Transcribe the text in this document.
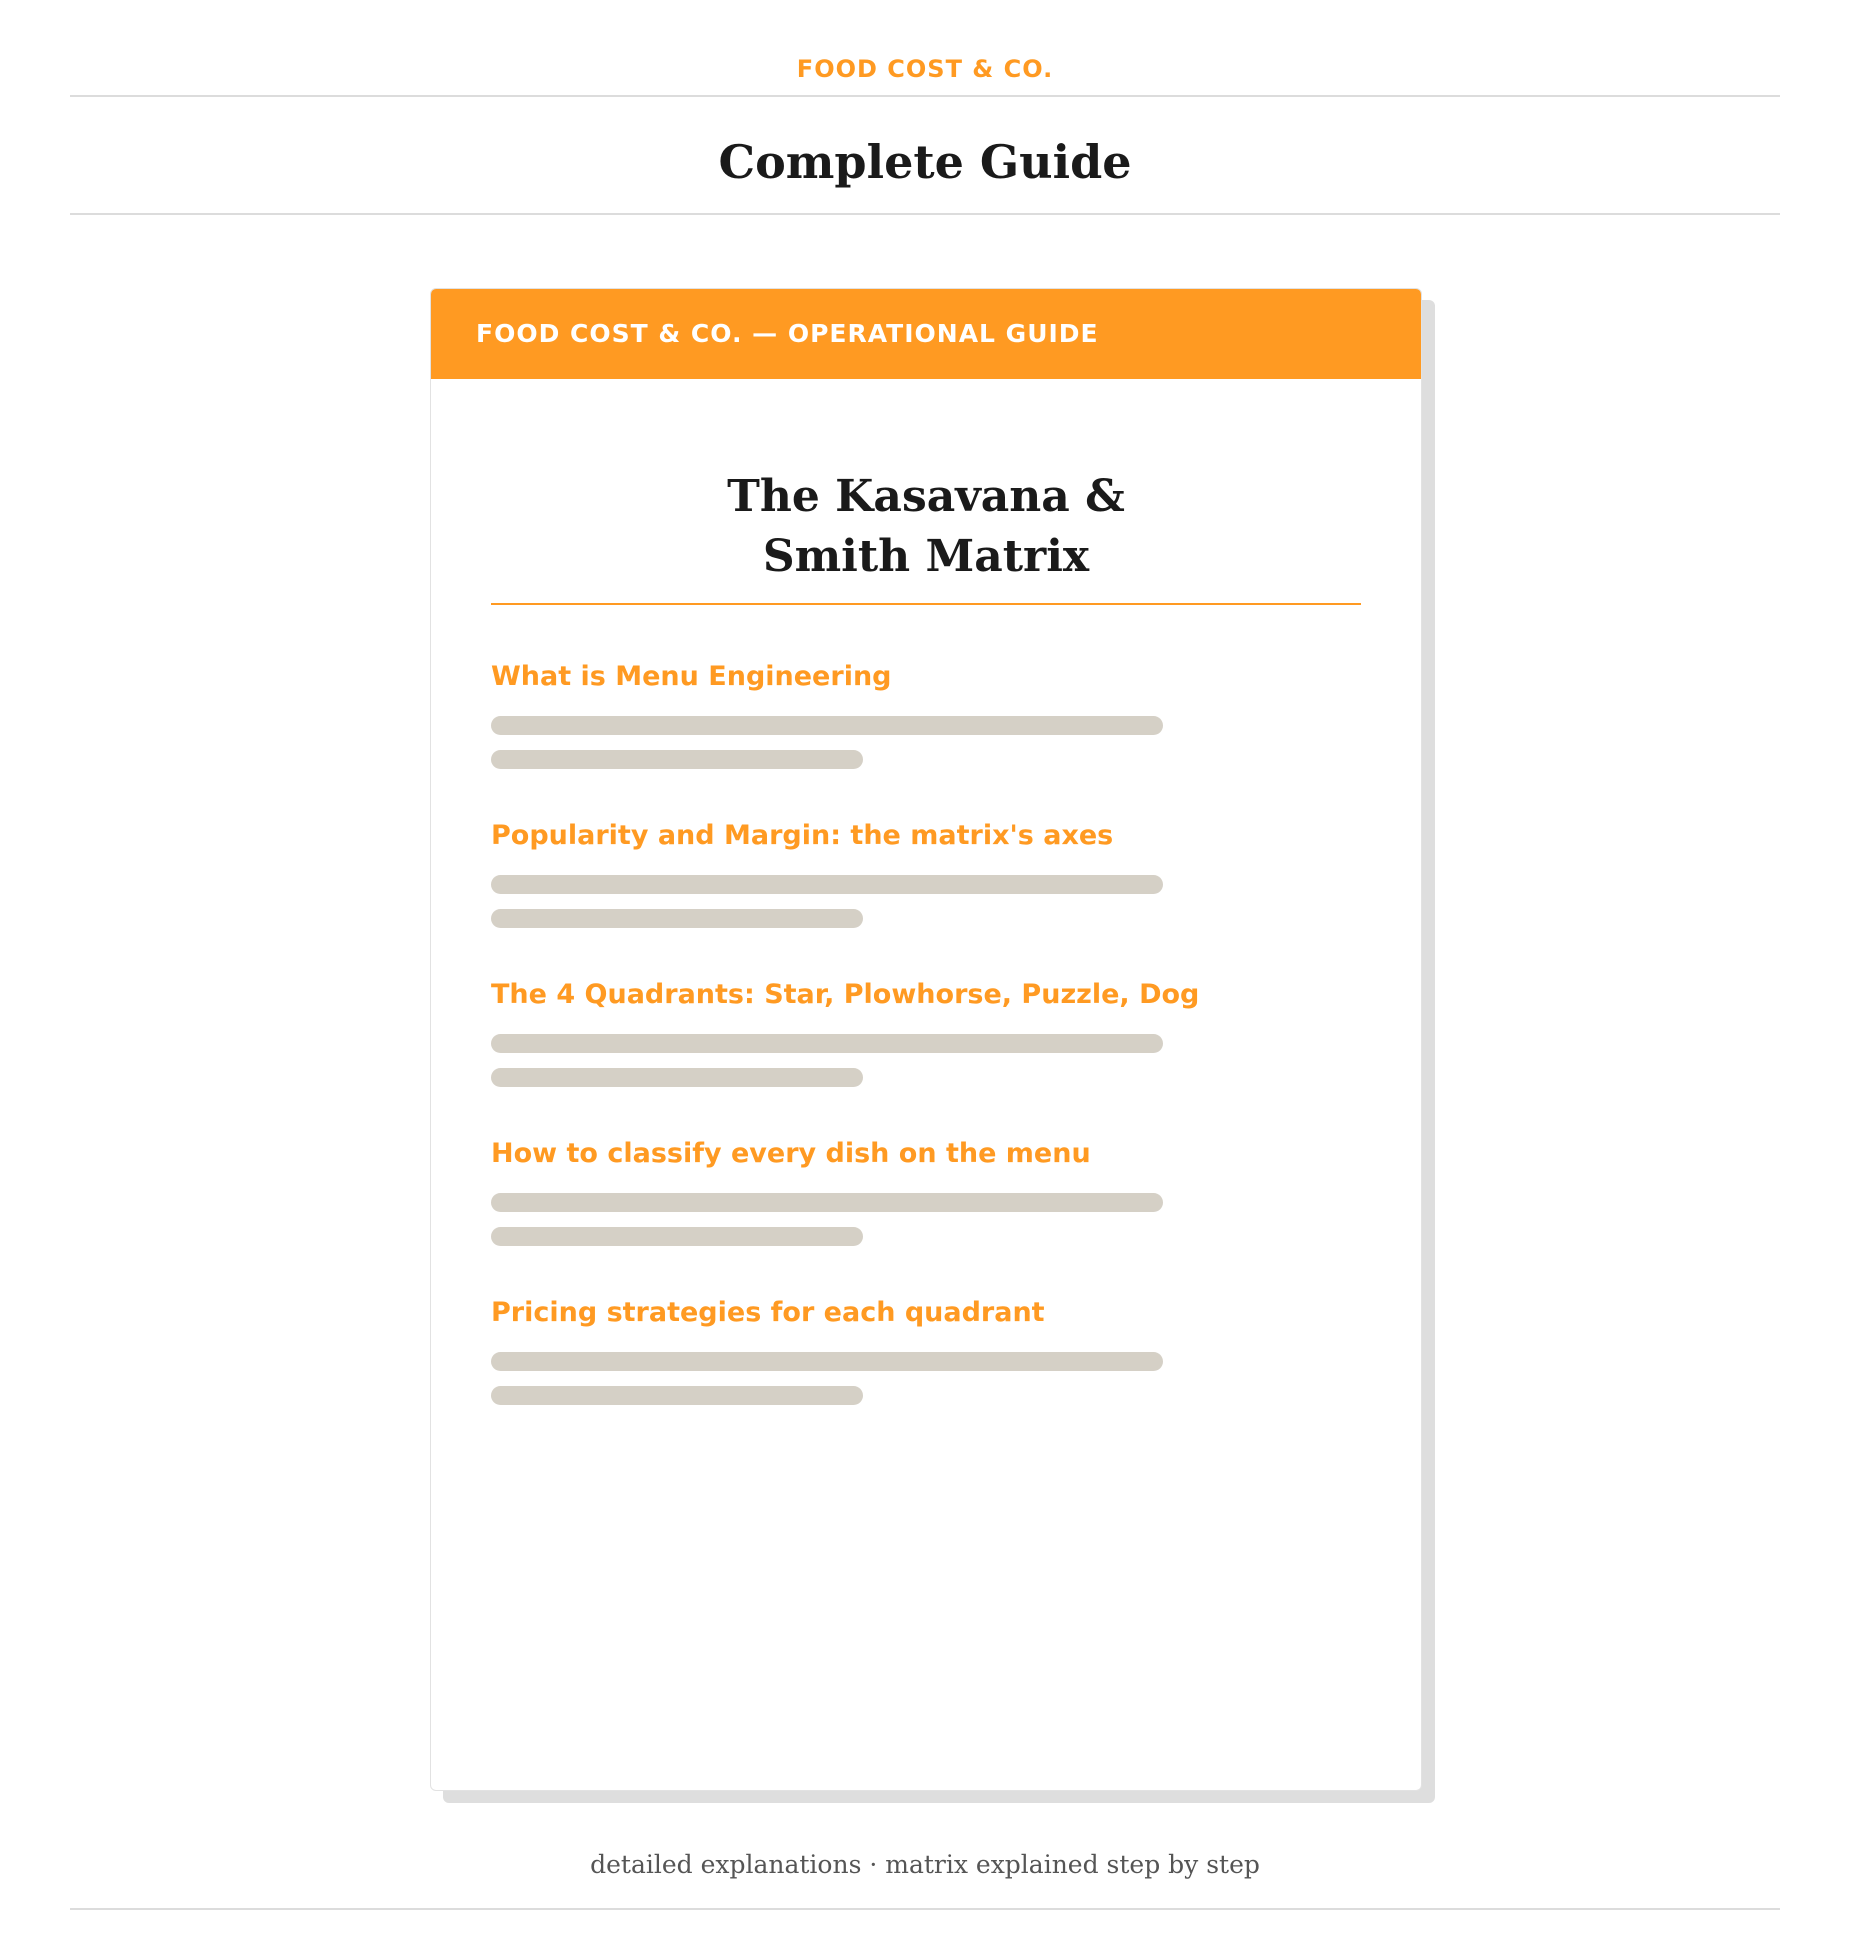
FOOD COST & CO.
Complete Guide
FOOD COST & CO. — OPERATIONAL GUIDE
The Kasavana &
Smith Matrix
What is Menu Engineering
Popularity and Margin: the matrix's axes
The 4 Quadrants: Star, Plowhorse, Puzzle, Dog
How to classify every dish on the menu
Pricing strategies for each quadrant
detailed explanations · matrix explained step by step
